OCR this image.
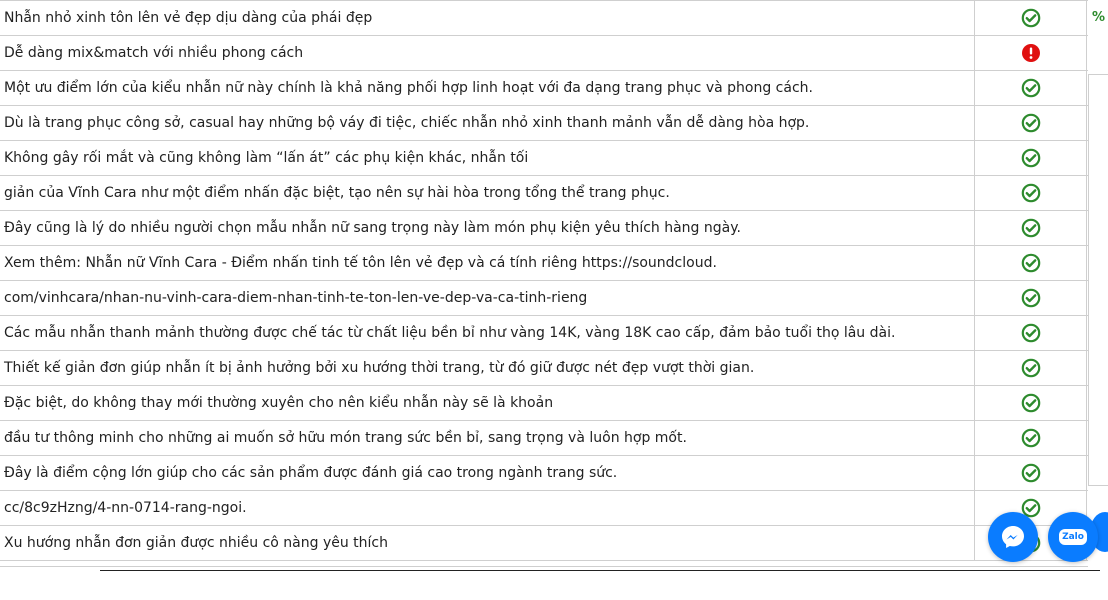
Nhẫn nhỏ xinh tôn lên vẻ đẹp dịu dàng của phái đẹp
Dễ dàng mix&match với nhiều phong cách
Một ưu điểm lớn của kiểu nhẫn nữ này chính là khả năng phối hợp linh hoạt với đa dạng trang phục và phong cách.
Dù là trang phục công sở, casual hay những bộ váy đi tiệc, chiếc nhẫn nhỏ xinh thanh mảnh vẫn dễ dàng hòa hợp.
Không gây rối mắt và cũng không làm “lấn át” các phụ kiện khác, nhẫn tối
giản của Vĩnh Cara như một điểm nhấn đặc biệt, tạo nên sự hài hòa trong tổng thể trang phục.
Đây cũng là lý do nhiều người chọn mẫu nhẫn nữ sang trọng này làm món phụ kiện yêu thích hàng ngày.
Xem thêm: Nhẫn nữ Vĩnh Cara - Điểm nhấn tinh tế tôn lên vẻ đẹp và cá tính riêng https://soundcloud.
com/vinhcara/nhan-nu-vinh-cara-diem-nhan-tinh-te-ton-len-ve-dep-va-ca-tinh-rieng
Các mẫu nhẫn thanh mảnh thường được chế tác từ chất liệu bền bỉ như vàng 14K, vàng 18K cao cấp, đảm bảo tuổi thọ lâu dài.
Thiết kế giản đơn giúp nhẫn ít bị ảnh hưởng bởi xu hướng thời trang, từ đó giữ được nét đẹp vượt thời gian.
Đặc biệt, do không thay mới thường xuyên cho nên kiểu nhẫn này sẽ là khoản
đầu tư thông minh cho những ai muốn sở hữu món trang sức bền bỉ, sang trọng và luôn hợp mốt.
Đây là điểm cộng lớn giúp cho các sản phẩm được đánh giá cao trong ngành trang sức.
cc/8c9zHzng/4-nn-0714-rang-ngoi.
Xu hướng nhẫn đơn giản được nhiều cô nàng yêu thích
%
Zalo
